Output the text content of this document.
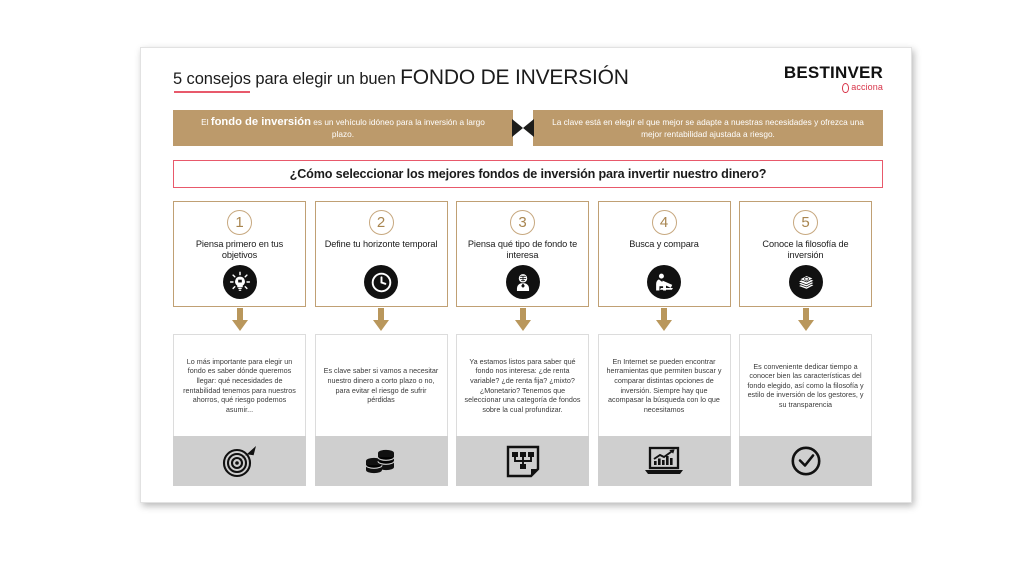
5 consejos para elegir un buen FONDO DE INVERSIÓN	BESTINVER
acciona
El fondo de inversión es un vehículo idóneo para la inversión a largo plazo.
La clave está en elegir el que mejor se adapte a nuestras necesidades y ofrezca una mejor rentabilidad ajustada a riesgo.
¿Cómo seleccionar los mejores fondos de inversión para invertir nuestro dinero?
1
Piensa primero en tus objetivos
Lo más importante para elegir un fondo es saber dónde queremos llegar: qué necesidades de rentabilidad tenemos para nuestros ahorros, qué riesgo podemos asumir...
2
Define tu horizonte temporal
Es clave saber si vamos a necesitar nuestro dinero a corto plazo o no, para evitar el riesgo de sufrir pérdidas
3
Piensa qué tipo de fondo te interesa
Ya estamos listos para saber qué fondo nos interesa: ¿de renta variable? ¿de renta fija? ¿mixto? ¿Monetario? Tenemos que seleccionar una categoría de fondos sobre la cual profundizar.
4
Busca y compara
En Internet se pueden encontrar herramientas que permiten buscar y comparar distintas opciones de inversión. Siempre hay que acompasar la búsqueda con lo que necesitamos
5
Conoce la filosofía de inversión
Es conveniente dedicar tiempo a conocer bien las características del fondo elegido, así como la filosofía y estilo de inversión de los gestores, y su transparencia
